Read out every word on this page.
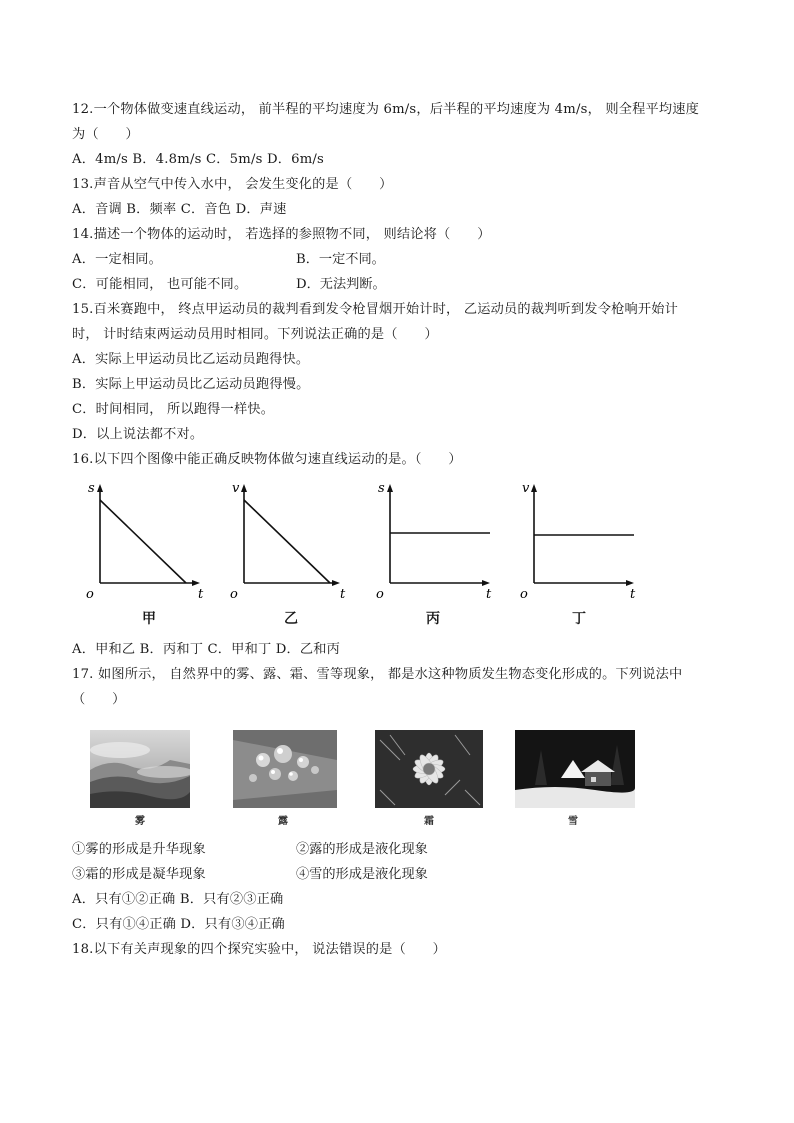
12.一个物体做变速直线运动， 前半程的平均速度为 6m/s，后半程的平均速度为 4m/s， 则全程平均速度
为（　　）
A．4m/s B．4.8m/s C．5m/s D．6m/s
13.声音从空气中传入水中， 会发生变化的是（　　）
A．音调 B．频率 C．音色 D．声速
14.描述一个物体的运动时， 若选择的参照物不同， 则结论将（　　）
A．一定相同。	B．一定不同。
C．可能相同， 也可能不同。	D．无法判断。
15.百米赛跑中， 终点甲运动员的裁判看到发令枪冒烟开始计时， 乙运动员的裁判听到发令枪响开始计
时， 计时结束两运动员用时相同。下列说法正确的是（　　）
A．实际上甲运动员比乙运动员跑得快。
B．实际上甲运动员比乙运动员跑得慢。
C．时间相同， 所以跑得一样快。
D．以上说法都不对。
16.以下四个图像中能正确反映物体做匀速直线运动的是。（　　）
s
t
o
甲
v
t
o
乙
s
t
o
丙
v
t
o
丁
A．甲和乙 B．丙和丁 C．甲和丁 D．乙和丙
17. 如图所示， 自然界中的雾、露、霜、雪等现象， 都是水这种物质发生物态变化形成的。下列说法中
（　　）
雾	露	霜	雪
①雾的形成是升华现象	②露的形成是液化现象
③霜的形成是凝华现象	④雪的形成是液化现象
A．只有①②正确 B．只有②③正确
C．只有①④正确 D．只有③④正确
18.以下有关声现象的四个探究实验中， 说法错误的是（　　）
